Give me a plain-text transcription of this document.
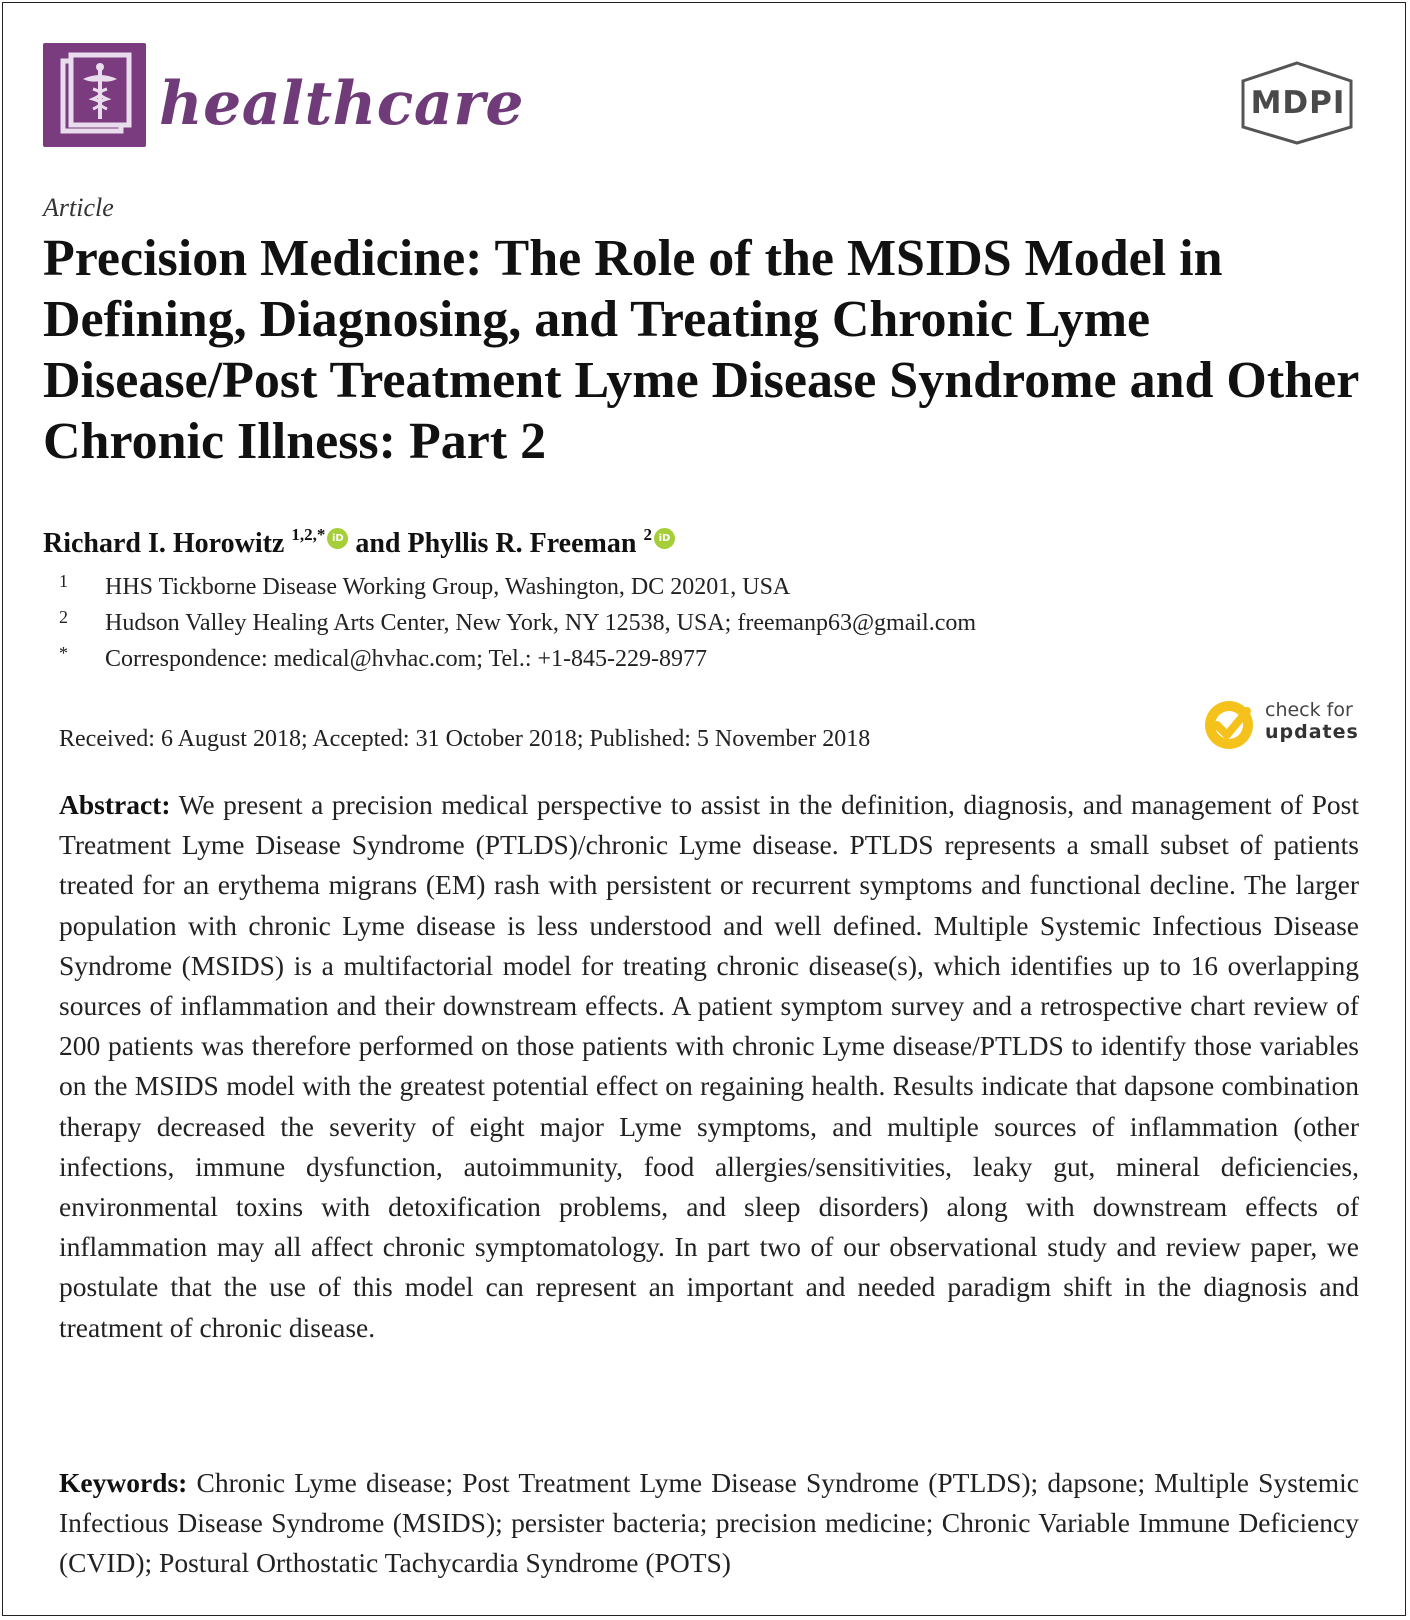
healthcare	MDPI
Article
Precision Medicine: The Role of the MSIDS Model in Defining, Diagnosing, and Treating Chronic Lyme Disease/Post Treatment Lyme Disease Syndrome and Other Chronic Illness: Part 2
Richard I. Horowitz $^{1,2,*}$iD and Phyllis R. Freeman $^2$iD
1 HHS Tickborne Disease Working Group, Washington, DC 20201, USA
2 Hudson Valley Healing Arts Center, New York, NY 12538, USA; freemanp63@gmail.com
* Correspondence: medical@hvhac.com; Tel.: +1-845-229-8977
Received: 6 August 2018; Accepted: 31 October 2018; Published: 5 November 2018
check for
updates

Abstract: We present a precision medical perspective to assist in the definition, diagnosis, and management of Post Treatment Lyme Disease Syndrome (PTLDS)/chronic Lyme disease. PTLDS represents a small subset of patients treated for an erythema migrans (EM) rash with persistent or recurrent symptoms and functional decline. The larger population with chronic Lyme disease is less understood and well defined. Multiple Systemic Infectious Disease Syndrome (MSIDS) is a multifactorial model for treating chronic disease(s), which identifies up to 16 overlapping sources of inflammation and their downstream effects. A patient symptom survey and a retrospective chart review of 200 patients was therefore performed on those patients with chronic Lyme disease/PTLDS to identify those variables on the MSIDS model with the greatest potential effect on regaining health. Results indicate that dapsone combination therapy decreased the severity of eight major Lyme symptoms, and multiple sources of inflammation (other infections, immune dysfunction, autoimmunity, food allergies/sensitivities, leaky gut, mineral deficiencies, environmental toxins with detoxification problems, and sleep disorders) along with downstream effects of inflammation may all affect chronic symptomatology. In part two of our observational study and review paper, we postulate that the use of this model can represent an important and needed paradigm shift in the diagnosis and treatment of chronic disease.

Keywords: Chronic Lyme disease; Post Treatment Lyme Disease Syndrome (PTLDS); dapsone; Multiple Systemic Infectious Disease Syndrome (MSIDS); persister bacteria; precision medicine; Chronic Variable Immune Deficiency (CVID); Postural Orthostatic Tachycardia Syndrome (POTS)
